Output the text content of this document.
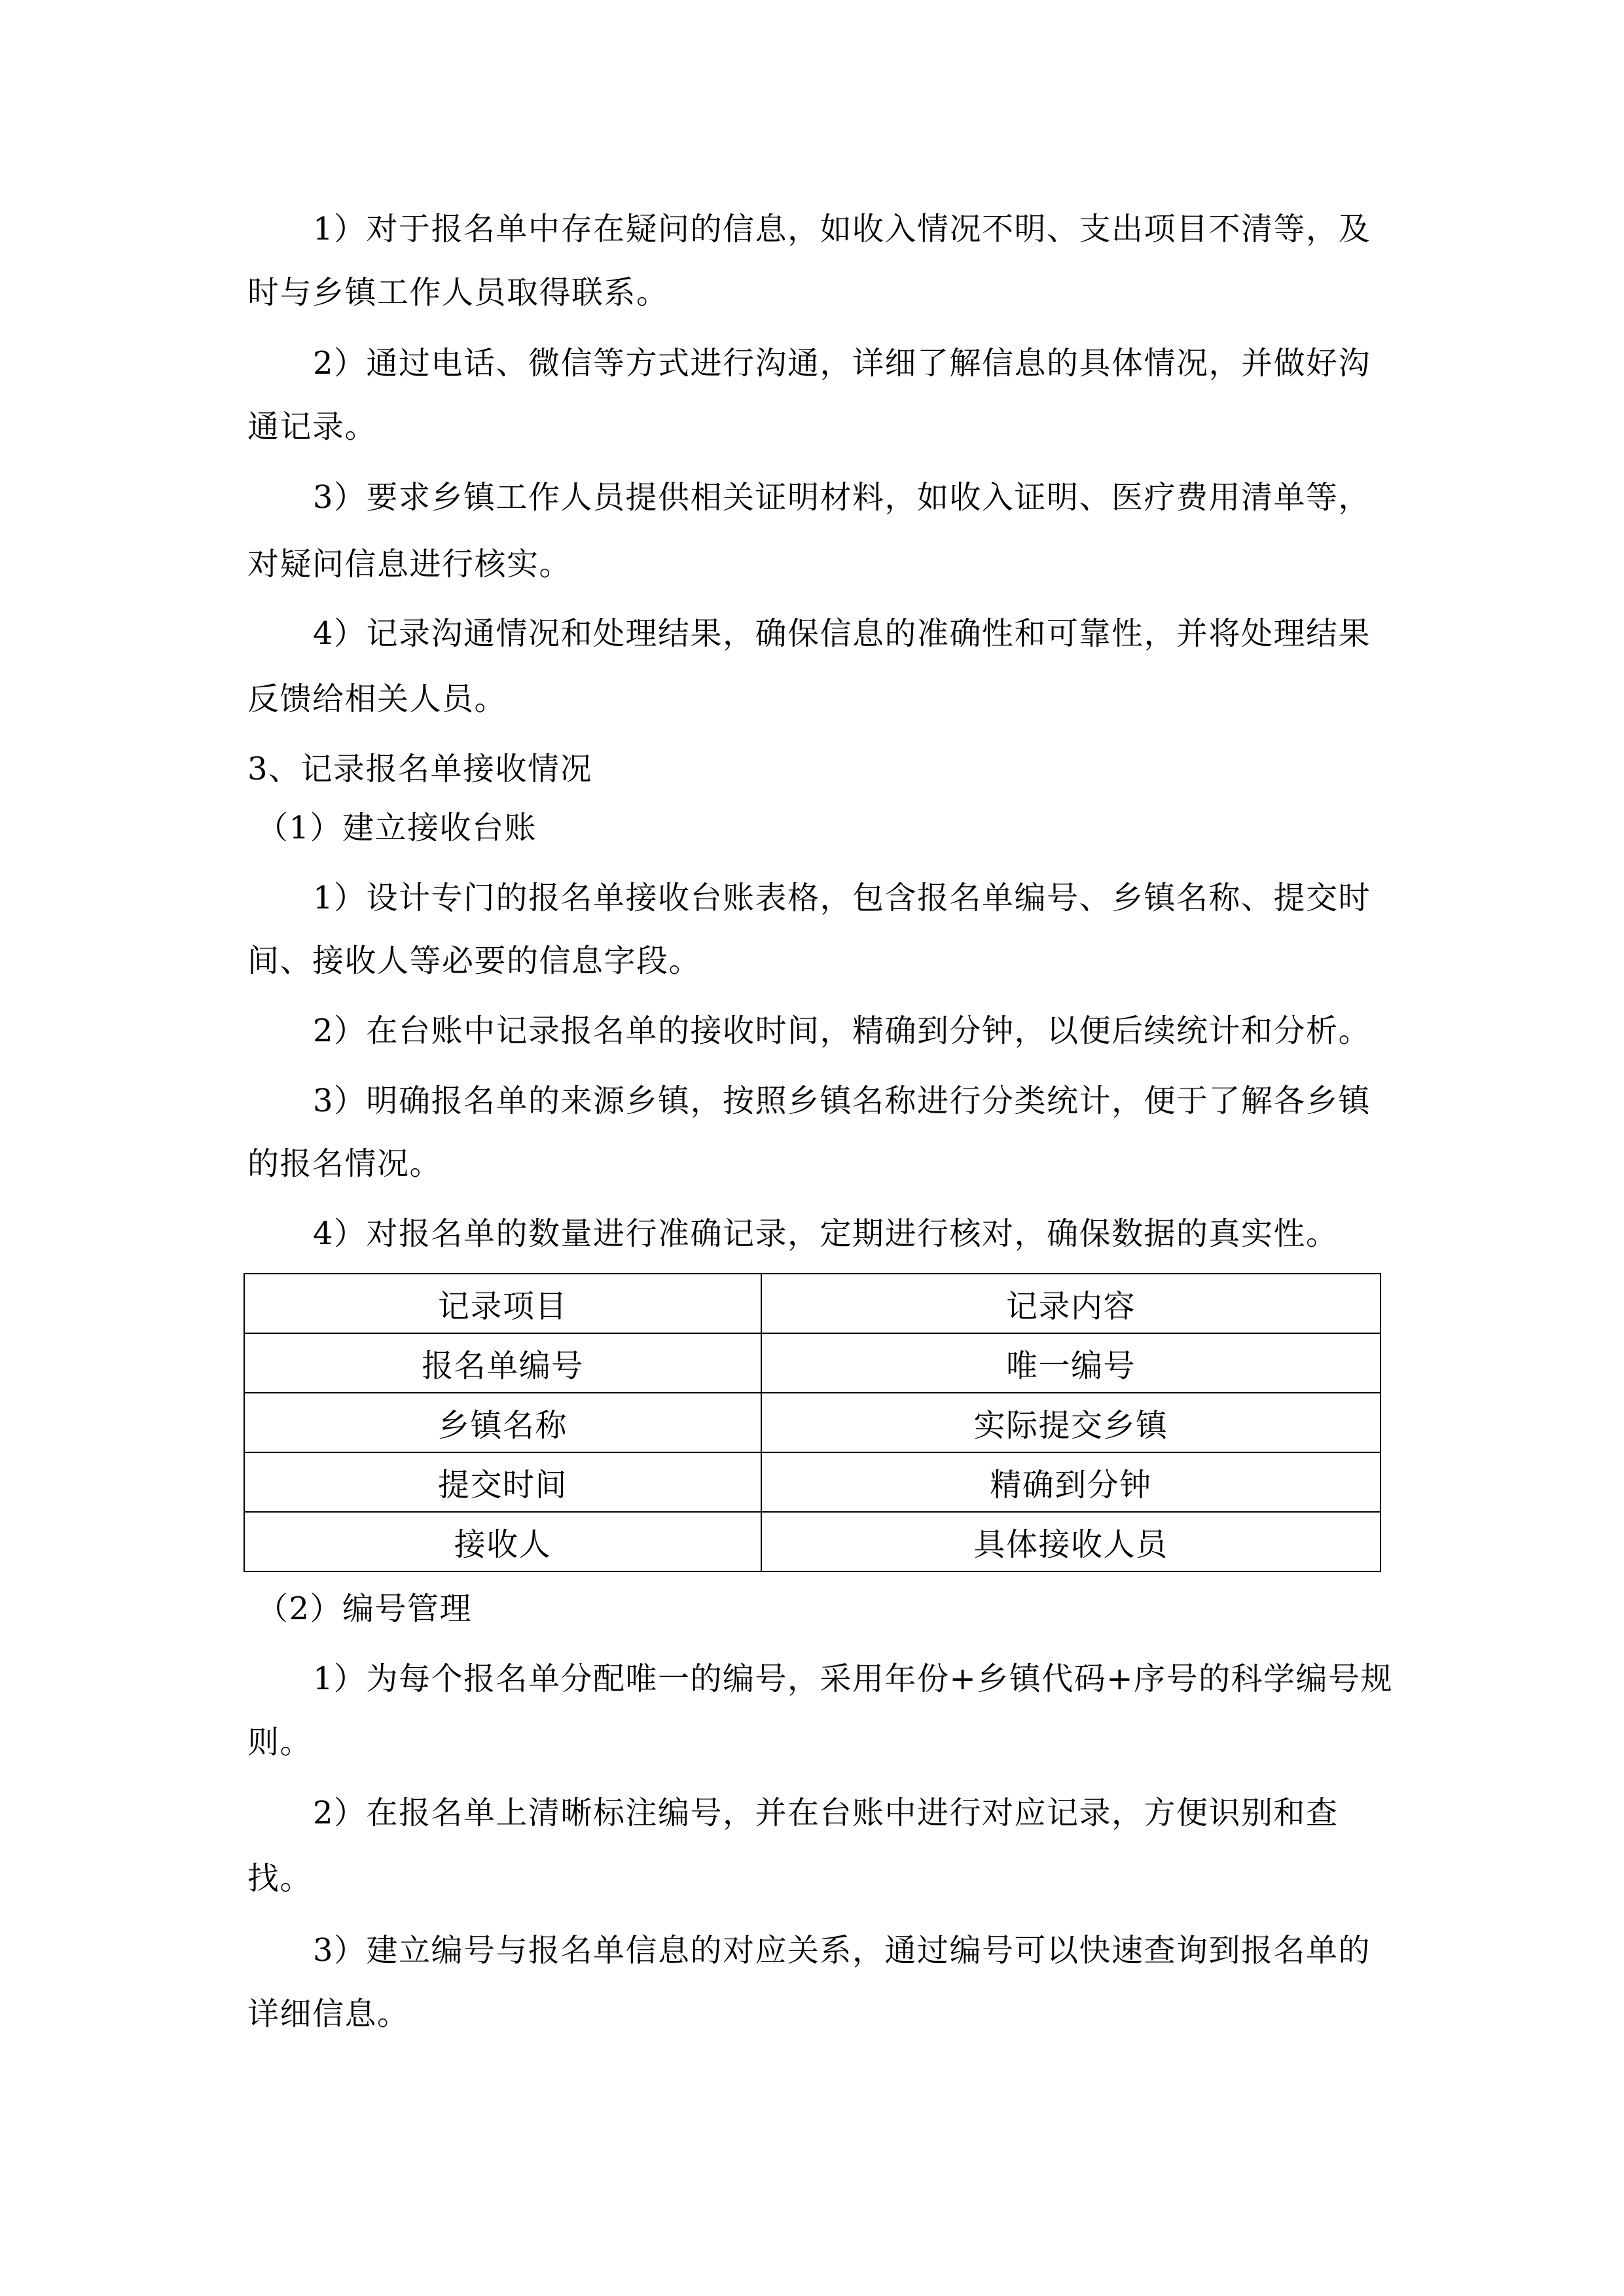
1）对于报名单中存在疑问的信息，如收入情况不明、支出项目不清等，及
时与乡镇工作人员取得联系。
2）通过电话、微信等方式进行沟通，详细了解信息的具体情况，并做好沟
通记录。
3）要求乡镇工作人员提供相关证明材料，如收入证明、医疗费用清单等，
对疑问信息进行核实。
4）记录沟通情况和处理结果，确保信息的准确性和可靠性，并将处理结果
反馈给相关人员。
3、记录报名单接收情况
（1）建立接收台账
1）设计专门的报名单接收台账表格，包含报名单编号、乡镇名称、提交时
间、接收人等必要的信息字段。
2）在台账中记录报名单的接收时间，精确到分钟，以便后续统计和分析。
3）明确报名单的来源乡镇，按照乡镇名称进行分类统计，便于了解各乡镇
的报名情况。
4）对报名单的数量进行准确记录，定期进行核对，确保数据的真实性。
记录项目	记录内容
报名单编号	唯一编号
乡镇名称	实际提交乡镇
提交时间	精确到分钟
接收人	具体接收人员
（2）编号管理
1）为每个报名单分配唯一的编号，采用年份+乡镇代码+序号的科学编号规
则。
2）在报名单上清晰标注编号，并在台账中进行对应记录，方便识别和查
找。
3）建立编号与报名单信息的对应关系，通过编号可以快速查询到报名单的
详细信息。
